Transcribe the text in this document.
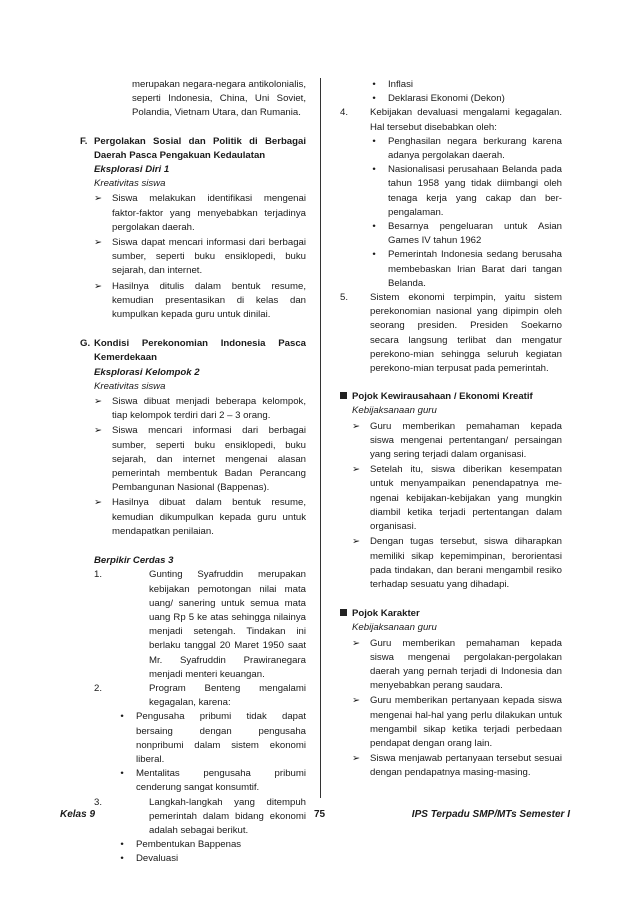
merupakan negara-negara antikolonialis, seperti Indonesia, China, Uni Soviet, Polandia, Vietnam Utara, dan Rumania.
F. Pergolakan Sosial dan Politik di Berbagai Daerah Pasca Pengakuan Kedaulatan
Eksplorasi Diri 1
Kreativitas siswa
➢	Siswa melakukan identifikasi mengenai faktor-faktor yang menyebabkan terjadinya pergolakan daerah.
➢	Siswa dapat mencari informasi dari berbagai sumber, seperti buku ensiklopedi, buku sejarah, dan internet.
➢	Hasilnya ditulis dalam bentuk resume, kemudian presentasikan di kelas dan kumpulkan kepada guru untuk dinilai.
G. Kondisi Perekonomian Indonesia Pasca Kemerdekaan
Eksplorasi Kelompok 2
Kreativitas siswa
➢	Siswa dibuat menjadi beberapa kelompok, tiap kelompok terdiri dari 2 – 3 orang.
➢	Siswa mencari informasi dari berbagai sumber, seperti buku ensiklopedi, buku sejarah, dan internet mengenai alasan pemerintah membentuk Badan Perancang Pembangunan Nasional (Bappenas).
➢	Hasilnya dibuat dalam bentuk resume, kemudian dikumpulkan kepada guru untuk mendapatkan penilaian.
Berpikir Cerdas 3
1.	Gunting Syafruddin merupakan kebijakan pemotongan nilai mata uang/ sanering untuk semua mata uang Rp 5 ke atas sehingga nilainya menjadi setengah. Tindakan ini berlaku tanggal 20 Maret 1950 saat Mr. Syafruddin Prawiranegara menjadi menteri keuangan.
2.	Program Benteng mengalami kegagalan, karena:
•	Pengusaha pribumi tidak dapat bersaing dengan pengusaha nonpribumi dalam sistem ekonomi liberal.
•	Mentalitas pengusaha pribumi cenderung sangat konsumtif.
3.	Langkah-langkah yang ditempuh pemerintah dalam bidang ekonomi adalah sebagai berikut.
•	Pembentukan Bappenas
•	Devaluasi
•	Inflasi
•	Deklarasi Ekonomi (Dekon)
4.	Kebijakan devaluasi mengalami kegagalan. Hal tersebut disebabkan oleh:
•	Penghasilan negara berkurang karena adanya pergolakan daerah.
•	Nasionalisasi perusahaan Belanda pada tahun 1958 yang tidak diimbangi oleh tenaga kerja yang cakap dan ber-pengalaman.
•	Besarnya pengeluaran untuk Asian Games IV tahun 1962
•	Pemerintah Indonesia sedang berusaha membebaskan Irian Barat dari tangan Belanda.
5.	Sistem ekonomi terpimpin, yaitu sistem perekonomian nasional yang dipimpin oleh seorang presiden. Presiden Soekarno secara langsung terlibat dan mengatur perekono-mian sehingga seluruh kegiatan perekono-mian terpusat pada pemerintah.
Pojok Kewirausahaan / Ekonomi Kreatif
Kebijaksanaan guru
➢	Guru memberikan pemahaman kepada siswa mengenai pertentangan/ persaingan yang sering terjadi dalam organisasi.
➢	Setelah itu, siswa diberikan kesempatan untuk menyampaikan penendapatnya me-ngenai kebijakan-kebijakan yang mungkin diambil ketika terjadi pertentangan dalam organisasi.
➢	Dengan tugas tersebut, siswa diharapkan memiliki sikap kepemimpinan, berorientasi pada tindakan, dan berani mengambil resiko terhadap sesuatu yang dihadapi.
Pojok Karakter
Kebijaksanaan guru
➢	Guru memberikan pemahaman kepada siswa mengenai pergolakan-pergolakan daerah yang pernah terjadi di Indonesia dan menyebabkan perang saudara.
➢	Guru memberikan pertanyaan kepada siswa mengenai hal-hal yang perlu dilakukan untuk mengambil sikap ketika terjadi perbedaan pendapat dengan orang lain.
➢	Siswa menjawab pertanyaan tersebut sesuai dengan pendapatnya masing-masing.
Kelas 9	75	IPS Terpadu SMP/MTs Semester I
